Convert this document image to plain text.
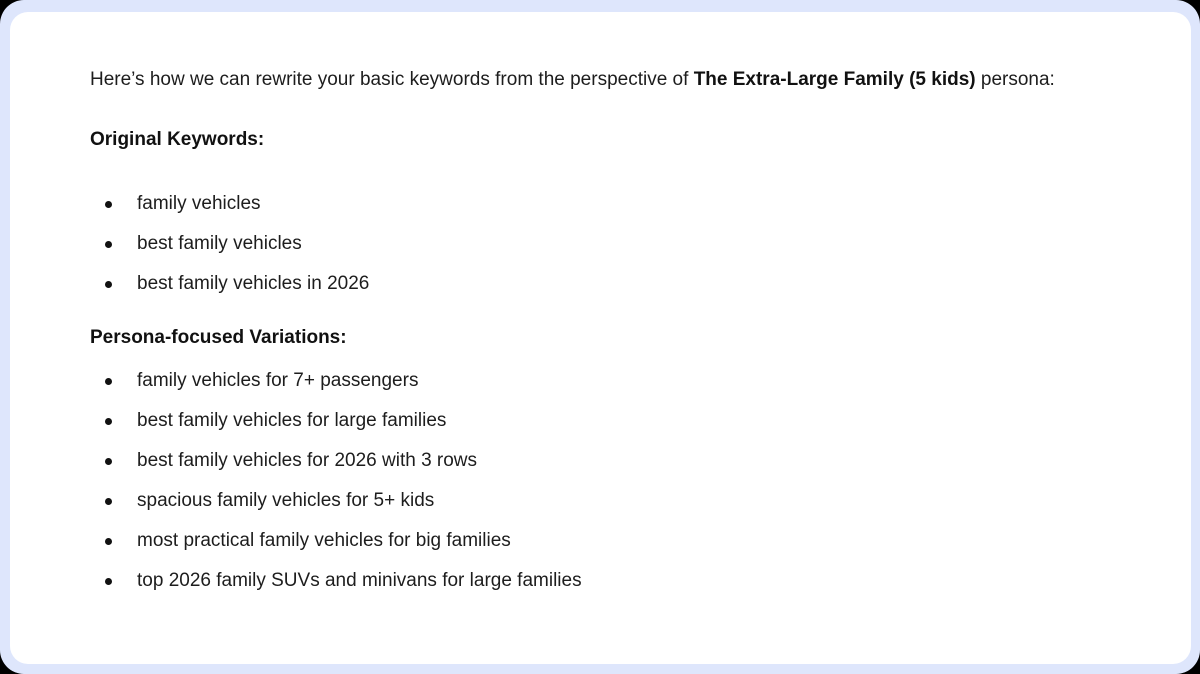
Here’s how we can rewrite your basic keywords from the perspective of The Extra-Large Family (5 kids) persona:

Original Keywords:

family vehicles
best family vehicles
best family vehicles in 2026

Persona-focused Variations:

family vehicles for 7+ passengers
best family vehicles for large families
best family vehicles for 2026 with 3 rows
spacious family vehicles for 5+ kids
most practical family vehicles for big families
top 2026 family SUVs and minivans for large families
